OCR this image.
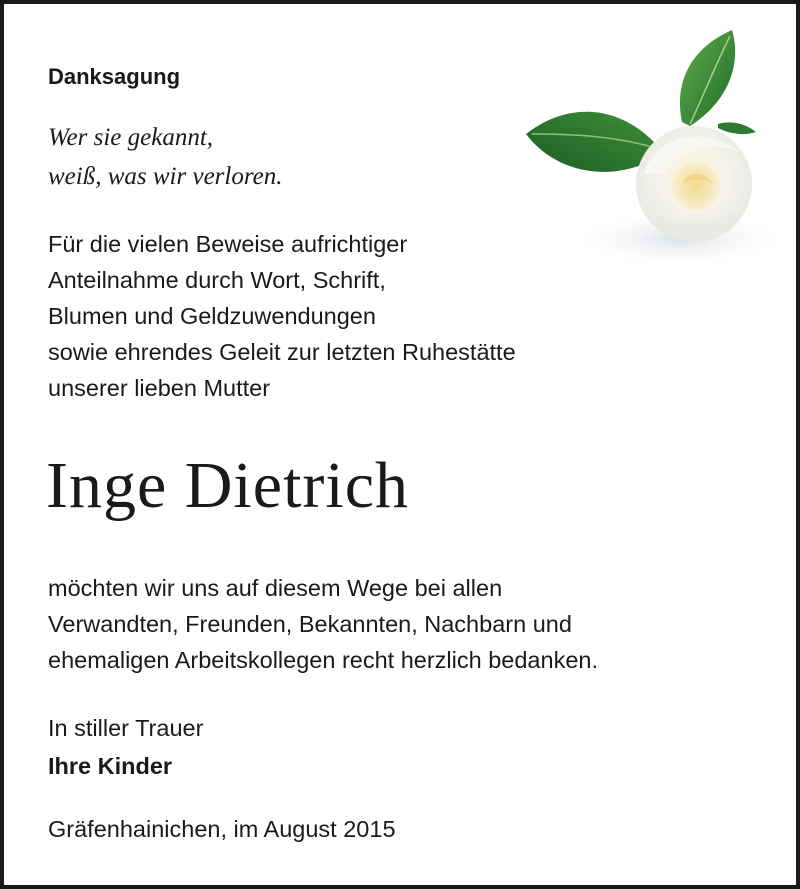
Danksagung
Wer sie gekannt,
weiß, was wir verloren.
Für die vielen Beweise aufrichtiger
Anteilnahme durch Wort, Schrift,
Blumen und Geldzuwendungen
sowie ehrendes Geleit zur letzten Ruhestätte
unserer lieben Mutter
Inge Dietrich
möchten wir uns auf diesem Wege bei allen
Verwandten, Freunden, Bekannten, Nachbarn und
ehemaligen Arbeitskollegen recht herzlich bedanken.
In stiller Trauer
Ihre Kinder
Gräfenhainichen, im August 2015
